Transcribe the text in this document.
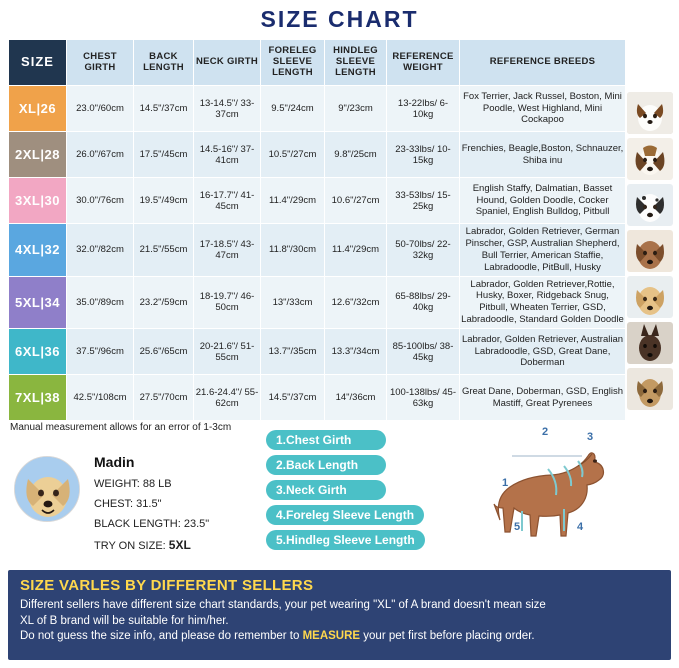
SIZE CHART
SIZE	CHEST GIRTH	BACK LENGTH	NECK GIRTH	FORELEG SLEEVE LENGTH	HINDLEG SLEEVE LENGTH	REFERENCE WEIGHT	REFERENCE BREEDS
XL|26	23.0"/60cm	14.5"/37cm	13-14.5"/ 33-37cm	9.5"/24cm	9"/23cm	13-22lbs/ 6-10kg	Fox Terrier, Jack Russel, Boston, Mini Poodle, West Highland, Mini Cockapoo
2XL|28	26.0"/67cm	17.5"/45cm	14.5-16"/ 37-41cm	10.5"/27cm	9.8"/25cm	23-33lbs/ 10-15kg	Frenchies, Beagle,Boston, Schnauzer, Shiba inu
3XL|30	30.0"/76cm	19.5"/49cm	16-17.7"/ 41-45cm	11.4"/29cm	10.6"/27cm	33-53lbs/ 15-25kg	English Staffy, Dalmatian, Basset Hound, Golden Doodle, Cocker Spaniel, English Bulldog, Pitbull
4XL|32	32.0"/82cm	21.5"/55cm	17-18.5"/ 43-47cm	11.8"/30cm	11.4"/29cm	50-70lbs/ 22-32kg	Labrador, Golden Retriever, German Pinscher, GSP, Australian Shepherd, Bull Terrier, American Staffie, Labradoodle, PitBull, Husky
5XL|34	35.0"/89cm	23.2"/59cm	18-19.7"/ 46-50cm	13"/33cm	12.6"/32cm	65-88lbs/ 29-40kg	Labrador, Golden Retriever,Rottie, Husky, Boxer, Ridgeback Snug, Pitbull, Wheaten Terrier, GSD, Labradoodle, Standard Golden Doodle
6XL|36	37.5"/96cm	25.6"/65cm	20-21.6"/ 51-55cm	13.7"/35cm	13.3"/34cm	85-100lbs/ 38-45kg	Labrador, Golden Retriever, Australian Labradoodle, GSD, Great Dane, Doberman
7XL|38	42.5"/108cm	27.5"/70cm	21.6-24.4"/ 55-62cm	14.5"/37cm	14"/36cm	100-138lbs/ 45-63kg	Great Dane, Doberman, GSD, English Mastiff, Great Pyrenees
Manual measurement allows for an error of 1-3cm
Madin
WEIGHT: 88 LB
CHEST: 31.5"
BLACK LENGTH: 23.5"
TRY ON SIZE: 5XL
1.Chest Girth
2.Back Length
3.Neck Girth
4.Foreleg Sleeve Length
5.Hindleg Sleeve Length
2	3
1
5	4
SIZE VARLES BY DIFFERENT SELLERS

Different sellers have different size chart standards, your pet wearing "XL" of A brand doesn't mean size

XL of B brand will be suitable for him/her.

Do not guess the size info, and please do remember to MEASURE your pet first before placing order.
